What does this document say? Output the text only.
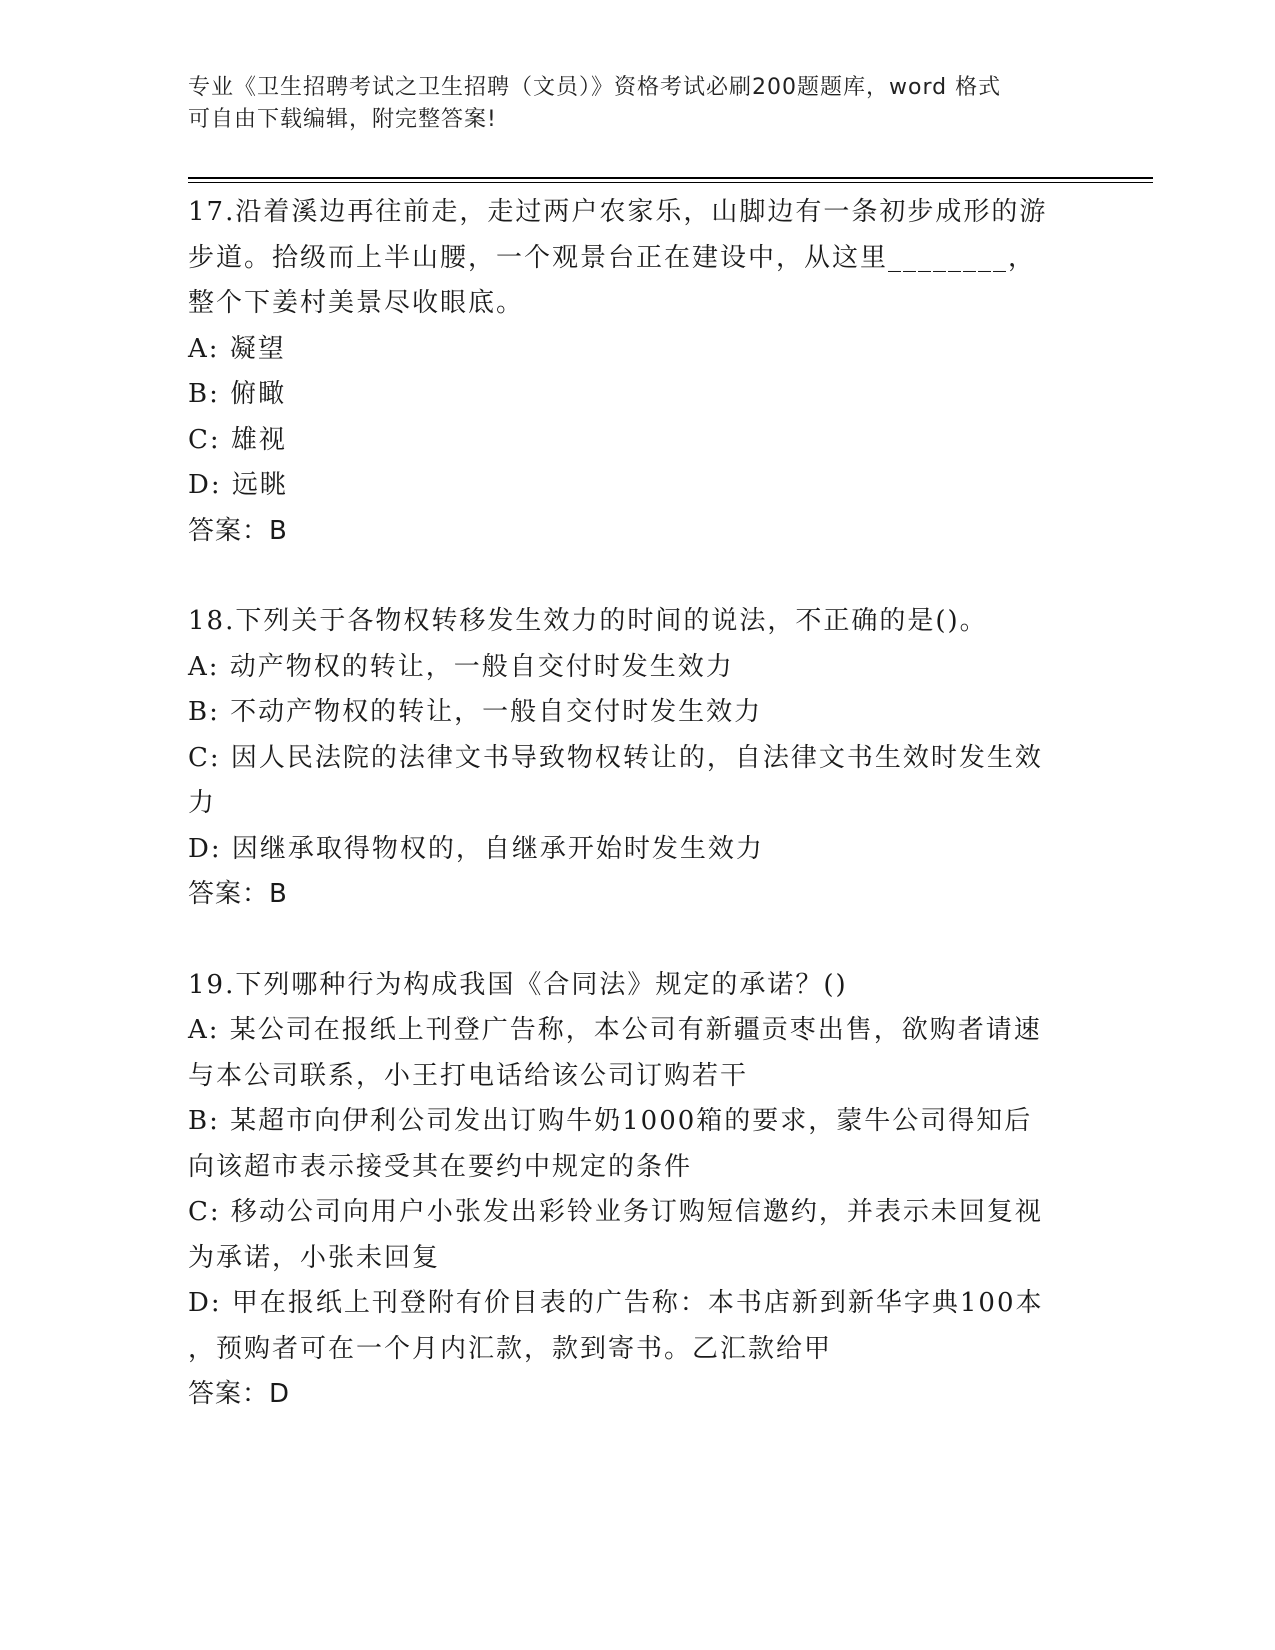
专业《卫生招聘考试之卫生招聘（文员）》资格考试必刷200题题库，word 格式
可自由下载编辑，附完整答案!
17.沿着溪边再往前走，走过两户农家乐，山脚边有一条初步成形的游
步道。拾级而上半山腰，一个观景台正在建设中，从这里________，
整个下姜村美景尽收眼底。
A: 凝望
B: 俯瞰
C: 雄视
D: 远眺
答案：B
18.下列关于各物权转移发生效力的时间的说法，不正确的是()。
A: 动产物权的转让，一般自交付时发生效力
B: 不动产物权的转让，一般自交付时发生效力
C: 因人民法院的法律文书导致物权转让的，自法律文书生效时发生效
力
D: 因继承取得物权的，自继承开始时发生效力
答案：B
19.下列哪种行为构成我国《合同法》规定的承诺？()
A: 某公司在报纸上刊登广告称，本公司有新疆贡枣出售，欲购者请速
与本公司联系，小王打电话给该公司订购若干
B: 某超市向伊利公司发出订购牛奶1000箱的要求，蒙牛公司得知后
向该超市表示接受其在要约中规定的条件
C: 移动公司向用户小张发出彩铃业务订购短信邀约，并表示未回复视
为承诺，小张未回复
D: 甲在报纸上刊登附有价目表的广告称：本书店新到新华字典100本
，预购者可在一个月内汇款，款到寄书。乙汇款给甲
答案：D
